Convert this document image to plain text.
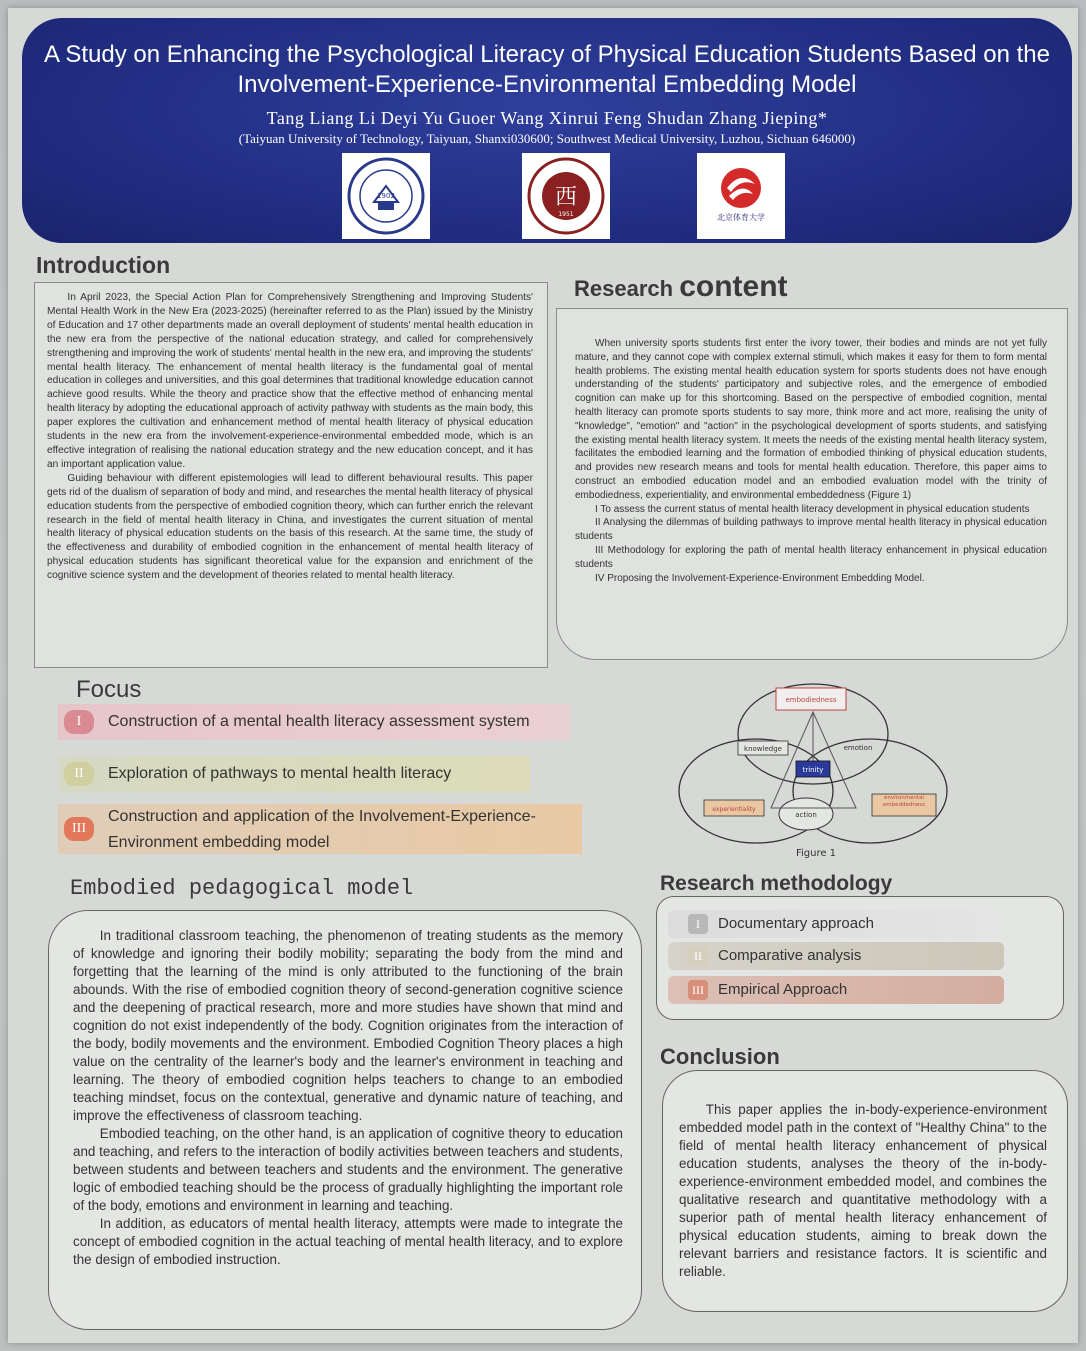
A Study on Enhancing the Psychological Literacy of Physical Education Students Based on the
Involvement-Experience-Environmental Embedding Model
Tang Liang Li Deyi Yu Guoer Wang Xinrui Feng Shudan Zhang Jieping*
(Taiyuan University of Technology, Taiyuan, Shanxi030600; Southwest Medical University, Luzhou, Sichuan 646000)
1902	西
1951	北京体育大学
Introduction

In April 2023, the Special Action Plan for Comprehensively Strengthening and Improving Students' Mental Health Work in the New Era (2023-2025) (hereinafter referred to as the Plan) issued by the Ministry of Education and 17 other departments made an overall deployment of students' mental health education in the new era from the perspective of the national education strategy, and called for comprehensively strengthening and improving the work of students' mental health in the new era, and improving the students' mental health literacy. The enhancement of mental health literacy is the fundamental goal of mental education in colleges and universities, and this goal determines that traditional knowledge education cannot achieve good results. While the theory and practice show that the effective method of enhancing mental health literacy by adopting the educational approach of activity pathway with students as the main body, this paper explores the cultivation and enhancement method of mental health literacy of physical education students in the new era from the involvement-experience-environmental embedded mode, which is an effective integration of realising the national education strategy and the new education concept, and it has an important application value.

Guiding behaviour with different epistemologies will lead to different behavioural results. This paper gets rid of the dualism of separation of body and mind, and researches the mental health literacy of physical education students from the perspective of embodied cognition theory, which can further enrich the relevant research in the field of mental health literacy in China, and investigates the current situation of mental health literacy of physical education students on the basis of this research. At the same time, the study of the effectiveness and durability of embodied cognition in the enhancement of mental health literacy of physical education students has significant theoretical value for the expansion and enrichment of the cognitive science system and the development of theories related to mental health literacy.

Research content

When university sports students first enter the ivory tower, their bodies and minds are not yet fully mature, and they cannot cope with complex external stimuli, which makes it easy for them to form mental health problems. The existing mental health education system for sports students does not have enough understanding of the students' participatory and subjective roles, and the emergence of embodied cognition can make up for this shortcoming. Based on the perspective of embodied cognition, mental health literacy can promote sports students to say more, think more and act more, realising the unity of "knowledge", "emotion" and "action" in the psychological development of sports students, and satisfying the existing mental health literacy system. It meets the needs of the existing mental health literacy system, facilitates the embodied learning and the formation of embodied thinking of physical education students, and provides new research means and tools for mental health education. Therefore, this paper aims to construct an embodied education model and an embodied evaluation model with the trinity of embodiedness, experientiality, and environmental embeddedness (Figure 1)

I To assess the current status of mental health literacy development in physical education students

II Analysing the dilemmas of building pathways to improve mental health literacy in physical education students

III Methodology for exploring the path of mental health literacy enhancement in physical education students

IV Proposing the Involvement-Experience-Environment Embedding Model.

Focus
I	Construction of a mental health literacy assessment system
II	Exploration of pathways to mental health literacy
III
Construction and application of the Involvement-Experience-
Environment embedding model
embodiedness
knowledge	emotion
trinity
experientiality
action
environmental embeddedness
Figure 1
Embodied pedagogical model

In traditional classroom teaching, the phenomenon of treating students as the memory of knowledge and ignoring their bodily mobility; separating the body from the mind and forgetting that the learning of the mind is only attributed to the functioning of the brain abounds. With the rise of embodied cognition theory of second-generation cognitive science and the deepening of practical research, more and more studies have shown that mind and cognition do not exist independently of the body. Cognition originates from the interaction of the body, bodily movements and the environment. Embodied Cognition Theory places a high value on the centrality of the learner's body and the learner's environment in teaching and learning. The theory of embodied cognition helps teachers to change to an embodied teaching mindset, focus on the contextual, generative and dynamic nature of teaching, and improve the effectiveness of classroom teaching.

Embodied teaching, on the other hand, is an application of cognitive theory to education and teaching, and refers to the interaction of bodily activities between teachers and students, between students and between teachers and students and the environment. The generative logic of embodied teaching should be the process of gradually highlighting the important role of the body, emotions and environment in learning and teaching.

In addition, as educators of mental health literacy, attempts were made to integrate the concept of embodied cognition in the actual teaching of mental health literacy, and to explore the design of embodied instruction.

Research methodology
I	Documentary approach
II	Comparative analysis
III Empirical Approach
Conclusion

This paper applies the in-body-experience-environment embedded model path in the context of "Healthy China" to the field of mental health literacy enhancement of physical education students, analyses the theory of the in-body-experience-environment embedded model, and combines the qualitative research and quantitative methodology with a superior path of mental health literacy enhancement of physical education students, aiming to break down the relevant barriers and resistance factors. It is scientific and reliable.
